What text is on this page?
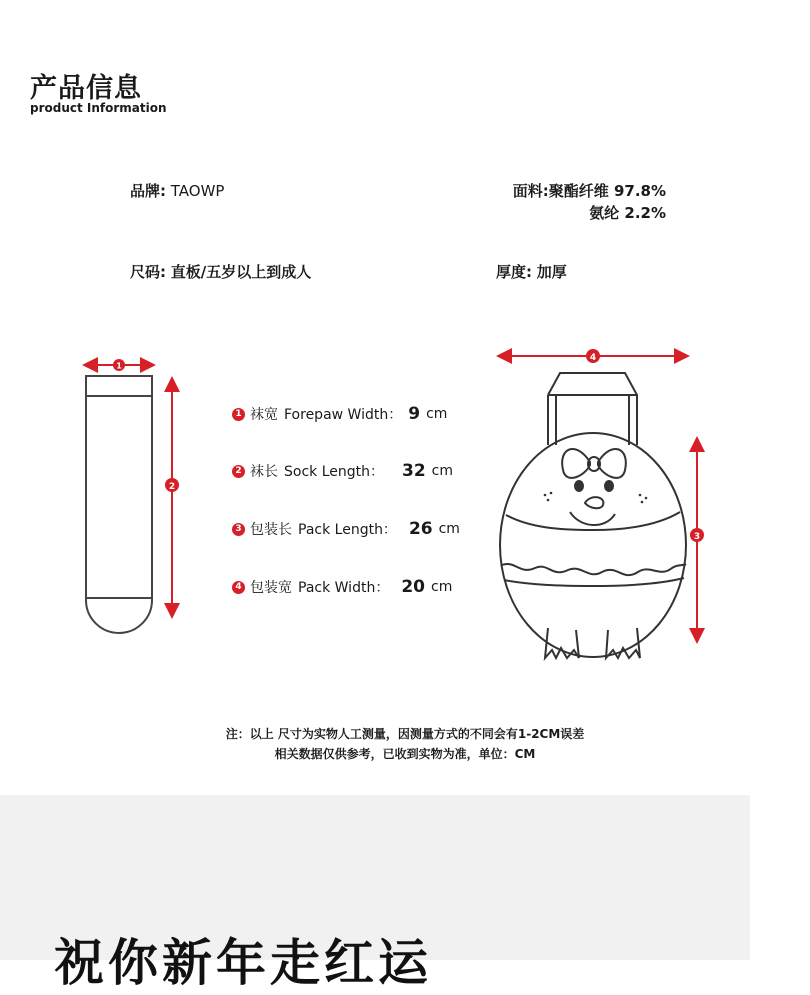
产品信息
product Information
品牌: TAOWP	面料:聚酯纤维 97.8%
氨纶 2.2%
尺码: 直板/五岁以上到成人	厚度: 加厚
1
2
1 袜宽 Forepaw Width： 9 cm
2 袜长 Sock Length： 32 cm
3 包装长 Pack Length： 26 cm
4 包装宽 Pack Width： 20 cm
4
3
注：以上 尺寸为实物人工测量，因测量方式的不同会有1-2CM误差
相关数据仅供参考，已收到实物为准，单位：CM
祝你新年走红运
